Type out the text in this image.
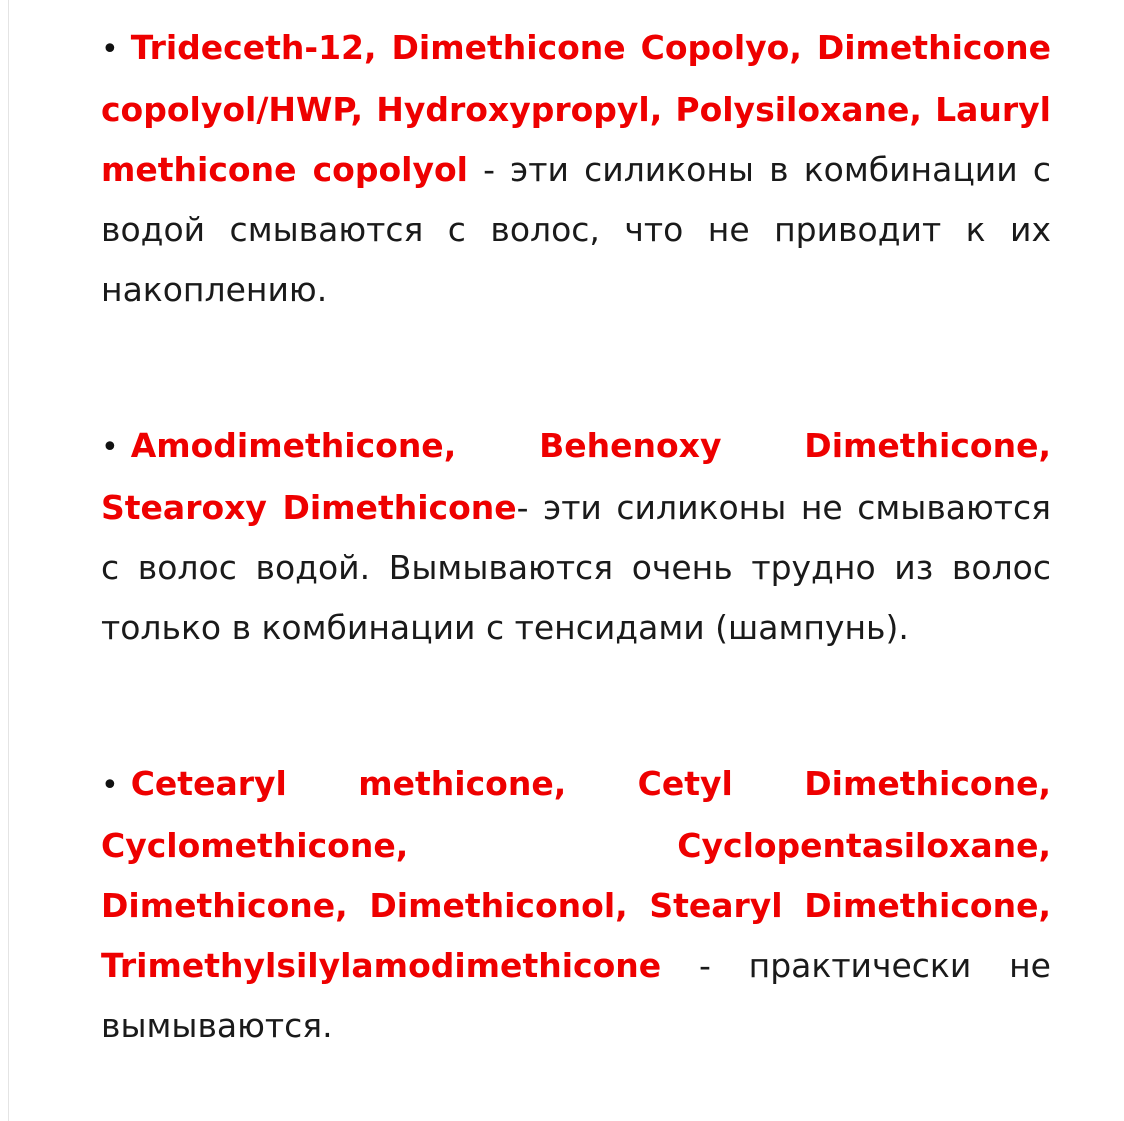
• Trideceth-12, Dimethicone Copolyo, Dimethicone copolyol/HWP, Hydroxypropyl, Polysiloxane, Lauryl methicone copolyol - эти силиконы в комбинации с водой смываются с волос, что не приводит к их накоплению.

• Amodimethicone, Behenoxy Dimethicone, Stearoxy Dimethicone- эти силиконы не смываются с волос водой. Вымываются очень трудно из волос только в комбинации с тенсидами (шампунь).

• Cetearyl methicone, Cetyl Dimethicone, Cyclomethicone, Cyclopentasiloxane, Dimethicone, Dimethiconol, Stearyl Dimethicone, Trimethylsilylamodimethicone - практически не вымываются.
